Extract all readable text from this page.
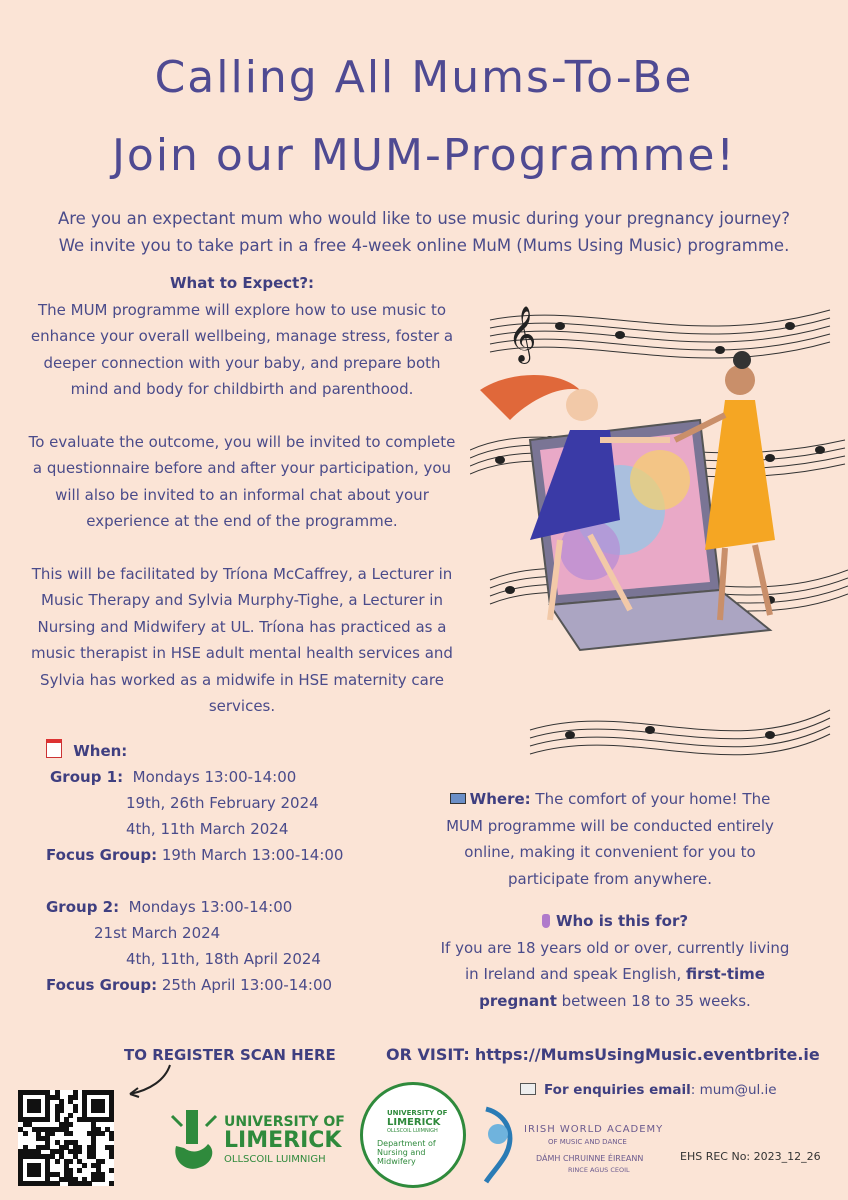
Calling All Mums-To-Be
Join our MUM-Programme!
Are you an expectant mum who would like to use music during your pregnancy journey?
We invite you to take part in a free 4-week online MuM (Mums Using Music) programme.
What to Expect?:
The MUM programme will explore how to use music to enhance your overall wellbeing, manage stress, foster a deeper connection with your baby, and prepare both mind and body for childbirth and parenthood.
To evaluate the outcome, you will be invited to complete a questionnaire before and after your participation, you will also be invited to an informal chat about your experience at the end of the programme.
This will be facilitated by Tríona McCaffrey, a Lecturer in Music Therapy and Sylvia Murphy-Tighe, a Lecturer in Nursing and Midwifery at UL. Tríona has practiced as a music therapist in HSE adult mental health services and Sylvia has worked as a midwife in HSE maternity care services.
𝄞
When:
Group 1: Mondays 13:00-14:00
19th, 26th February 2024
4th, 11th March 2024
Focus Group: 19th March 13:00-14:00
Group 2: Mondays 13:00-14:00
21st March 2024
4th, 11th, 18th April 2024
Focus Group: 25th April 13:00-14:00
Where: The comfort of your home! The MUM programme will be conducted entirely online, making it convenient for you to participate from anywhere.
Who is this for?
If you are 18 years old or over, currently living in Ireland and speak English, first-time pregnant between 18 to 35 weeks.
TO REGISTER SCAN HERE	OR VISIT: https://MumsUsingMusic.eventbrite.ie
For enquiries email: mum@ul.ie
UNIVERSITY OF
LIMERICK
OLLSCOIL LUIMNIGH
UNIVERSITY OF
LIMERICK
OLLSCOIL LUIMNIGH
Department of
Nursing and
Midwifery
IRISH WORLD ACADEMY
OF MUSIC AND DANCE
DÁMH CHRUINNE ÉIREANN
RINCE AGUS CEOIL
EHS REC No: 2023_12_26
